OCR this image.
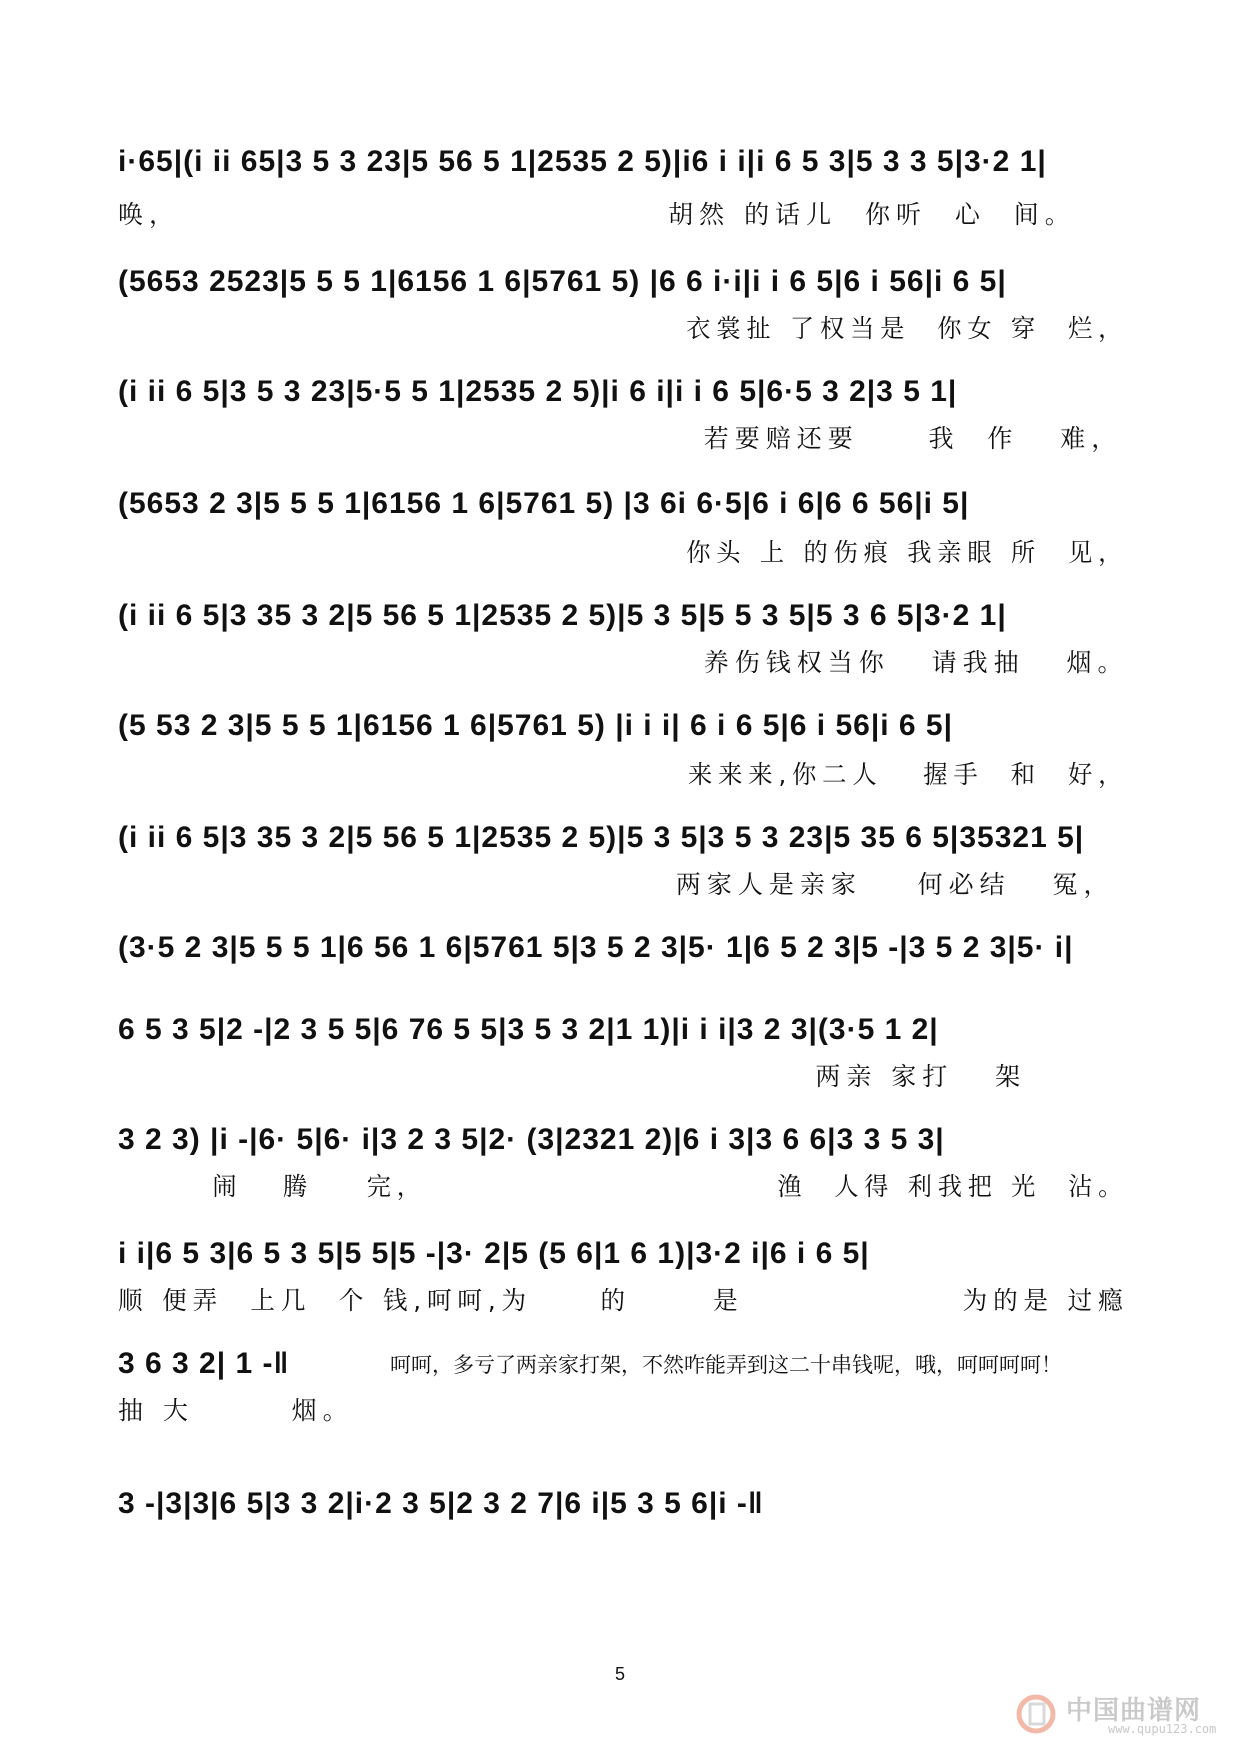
i·65|(i ii 65|3 5 3 23|5 56 5 1|2535 2 5)|i6 i i|i 6 5 3|5 3 3 5|3·2 1|
唤，                                   胡然 的话儿  你听  心  间。
(5653 2523|5 5 5 1|6156 1 6|5761 5) |6 6 i·i|i i 6 5|6 i 56|i 6 5|
衣裳扯 了权当是  你女 穿  烂，
(i ii 6 5|3 5 3 23|5·5 5 1|2535 2 5)|i 6 i|i i 6 5|6·5 3 2|3 5 1|
若要赔还要     我  作   难，
(5653 2 3|5 5 5 1|6156 1 6|5761 5) |3 6i 6·5|6 i 6|6 6 56|i 5|
你头 上 的伤痕 我亲眼 所  见，
(i ii 6 5|3 35 3 2|5 56 5 1|2535 2 5)|5 3 5|5 5 3 5|5 3 6 5|3·2 1|
养伤钱权当你   请我抽   烟。
(5 53 2 3|5 5 5 1|6156 1 6|5761 5) |i i i| 6 i 6 5|6 i 56|i 6 5|
来来来,你二人   握手  和  好，
(i ii 6 5|3 35 3 2|5 56 5 1|2535 2 5)|5 3 5|3 5 3 23|5 35 6 5|35321 5|
两家人是亲家    何必结   冤，
(3·5 2 3|5 5 5 1|6 56 1 6|5761 5|3 5 2 3|5· 1|6 5 2 3|5 -|3 5 2 3|5· i|
6 5 3 5|2 -|2 3 5 5|6 76 5 5|3 5 3 2|1 1)|i i i|3 2 3|(3·5 1 2|
两亲 家打   架
3 2 3) |i -|6· 5|6· i|3 2 3 5|2· (3|2321 2)|6 i 3|3 6 6|3 3 5 3|
闹   腾    完，                          渔  人得 利我把 光  沾。
i i|6 5 3|6 5 3 5|5 5|5 -|3· 2|5 (5 6|1 6 1)|3·2 i|6 i 6 5|
顺 便弄  上几  个 钱,呵呵,为     的      是                为的是 过瘾
3 6 3 2| 1 -‖
抽 大       烟。
呵呵，多亏了两亲家打架，不然咋能弄到这二十串钱呢，哦，呵呵呵呵！
3 -|3|3|6 5|3 3 2|i·2 3 5|2 3 2 7|6 i|5 3 5 6|i -‖
5
中国曲谱网
www.qupu123.com
